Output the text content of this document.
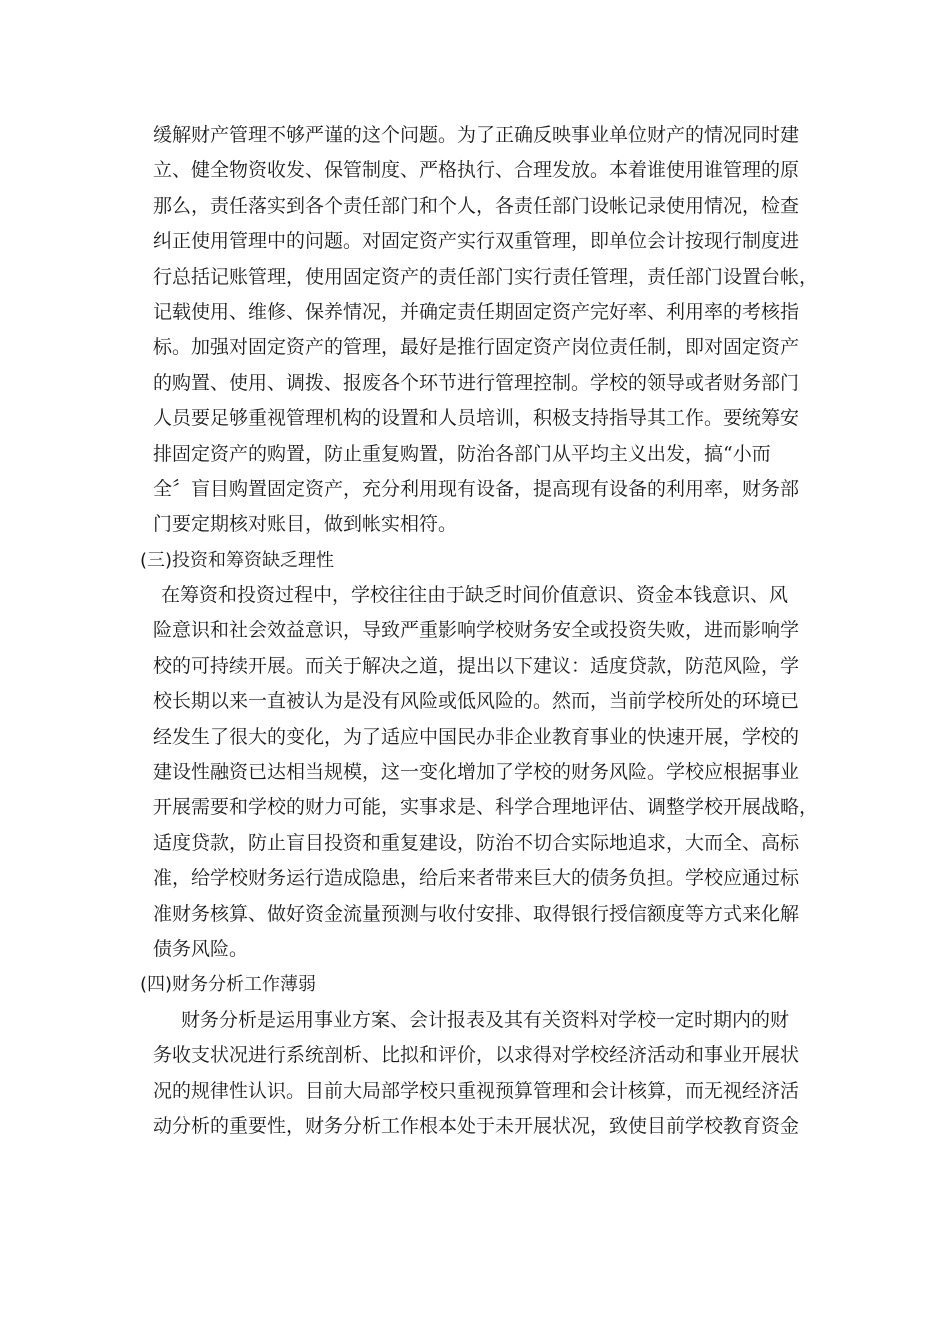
缓解财产管理不够严谨的这个问题。为了正确反映事业单位财产的情况同时建
立、健全物资收发、保管制度、严格执行、合理发放。本着谁使用谁管理的原
那么，责任落实到各个责任部门和个人，各责任部门设帐记录使用情况，检查
纠正使用管理中的问题。对固定资产实行双重管理，即单位会计按现行制度进
行总括记账管理，使用固定资产的责任部门实行责任管理，责任部门设置台帐，
记载使用、维修、保养情况，并确定责任期固定资产完好率、利用率的考核指
标。加强对固定资产的管理，最好是推行固定资产岗位责任制，即对固定资产
的购置、使用、调拨、报废各个环节进行管理控制。学校的领导或者财务部门
人员要足够重视管理机构的设置和人员培训，积极支持指导其工作。要统筹安
排固定资产的购置，防止重复购置，防治各部门从平均主义出发，搞“小而
全〞盲目购置固定资产，充分利用现有设备，提高现有设备的利用率，财务部
门要定期核对账目，做到帐实相符。
(三)投资和筹资缺乏理性
在筹资和投资过程中，学校往往由于缺乏时间价值意识、资金本钱意识、风
险意识和社会效益意识，导致严重影响学校财务安全或投资失败，进而影响学
校的可持续开展。而关于解决之道，提出以下建议：适度贷款，防范风险，学
校长期以来一直被认为是没有风险或低风险的。然而，当前学校所处的环境已
经发生了很大的变化，为了适应中国民办非企业教育事业的快速开展，学校的
建设性融资已达相当规模，这一变化增加了学校的财务风险。学校应根据事业
开展需要和学校的财力可能，实事求是、科学合理地评估、调整学校开展战略，
适度贷款，防止盲目投资和重复建设，防治不切合实际地追求，大而全、高标
准，给学校财务运行造成隐患，给后来者带来巨大的债务负担。学校应通过标
准财务核算、做好资金流量预测与收付安排、取得银行授信额度等方式来化解
债务风险。
(四)财务分析工作薄弱
财务分析是运用事业方案、会计报表及其有关资料对学校一定时期内的财
务收支状况进行系统剖析、比拟和评价，以求得对学校经济活动和事业开展状
况的规律性认识。目前大局部学校只重视预算管理和会计核算，而无视经济活
动分析的重要性，财务分析工作根本处于未开展状况，致使目前学校教育资金
